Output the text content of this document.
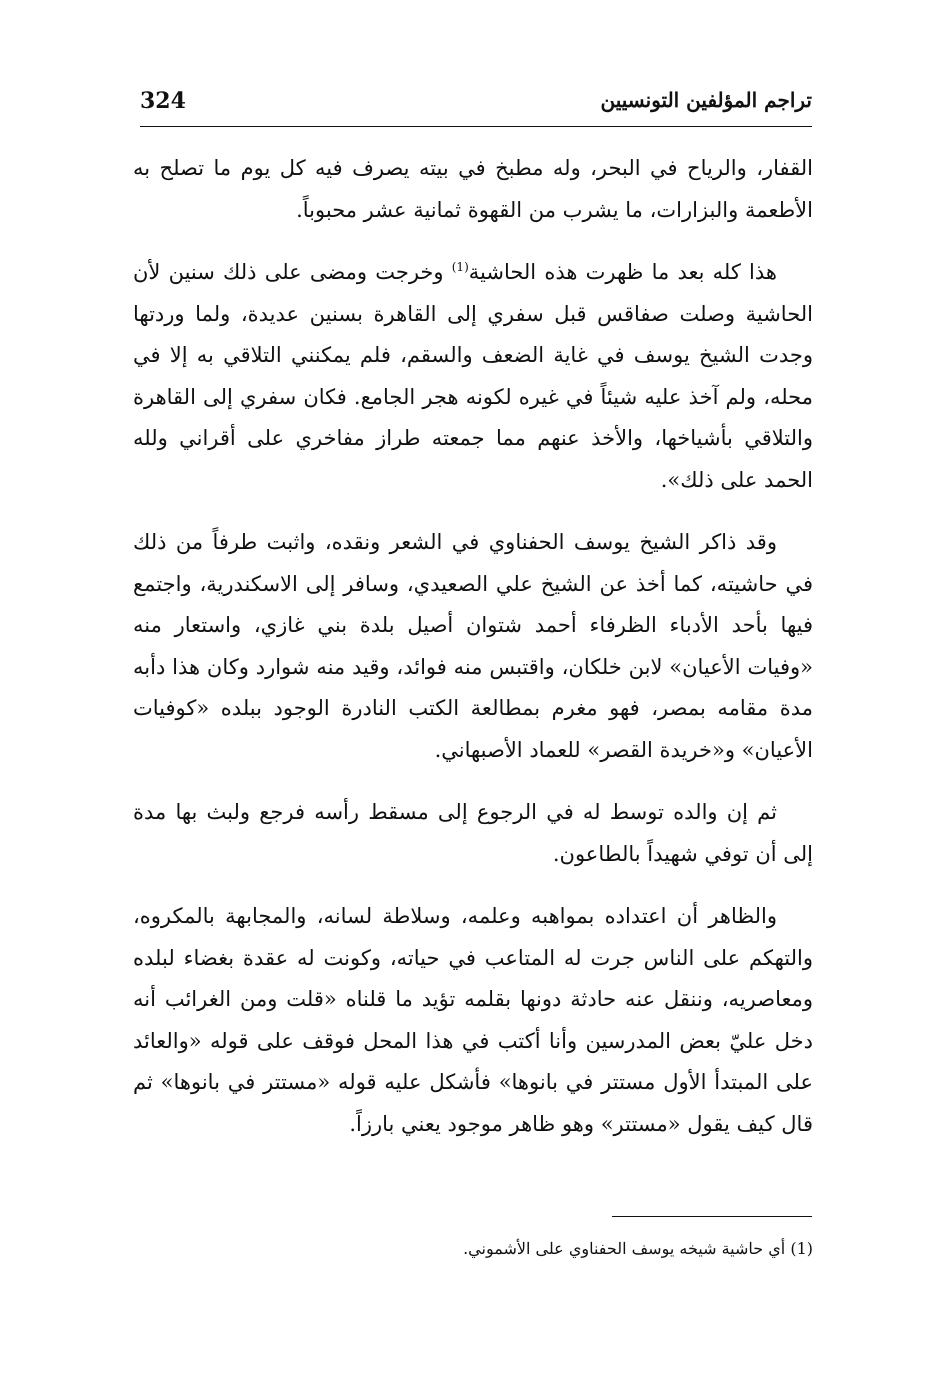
324	تراجم المؤلفين التونسيين

القفار، والرياح في البحر، وله مطبخ في بيته يصرف فيه كل يوم ما تصلح به الأطعمة والبزارات، ما يشرب من القهوة ثمانية عشر محبوباً.

هذا كله بعد ما ظهرت هذه الحاشية$^{(1)}$ وخرجت ومضى على ذلك سنين لأن الحاشية وصلت صفاقس قبل سفري إلى القاهرة بسنين عديدة، ولما وردتها وجدت الشيخ يوسف في غاية الضعف والسقم، فلم يمكنني التلاقي به إلا في محله، ولم آخذ عليه شيئاً في غيره لكونه هجر الجامع. فكان سفري إلى القاهرة والتلاقي بأشياخها، والأخذ عنهم مما جمعته طراز مفاخري على أقراني ولله الحمد على ذلك».

وقد ذاكر الشيخ يوسف الحفناوي في الشعر ونقده، واثبت طرفاً من ذلك في حاشيته، كما أخذ عن الشيخ علي الصعيدي، وسافر إلى الاسكندرية، واجتمع فيها بأحد الأدباء الظرفاء أحمد شتوان أصيل بلدة بني غازي، واستعار منه «وفيات الأعيان» لابن خلكان، واقتبس منه فوائد، وقيد منه شوارد وكان هذا دأبه مدة مقامه بمصر، فهو مغرم بمطالعة الكتب النادرة الوجود ببلده «كوفيات الأعيان» و«خريدة القصر» للعماد الأصبهاني.

ثم إن والده توسط له في الرجوع إلى مسقط رأسه فرجع ولبث بها مدة إلى أن توفي شهيداً بالطاعون.

والظاهر أن اعتداده بمواهبه وعلمه، وسلاطة لسانه، والمجابهة بالمكروه، والتهكم على الناس جرت له المتاعب في حياته، وكونت له عقدة بغضاء لبلده ومعاصريه، وننقل عنه حادثة دونها بقلمه تؤيد ما قلناه «قلت ومن الغرائب أنه دخل عليّ بعض المدرسين وأنا أكتب في هذا المحل فوقف على قوله «والعائد على المبتدأ الأول مستتر في بانوها» فأشكل عليه قوله «مستتر في بانوها» ثم قال كيف يقول «مستتر» وهو ظاهر موجود يعني بارزاً.

(1) أي حاشية شيخه يوسف الحفناوي على الأشموني.
